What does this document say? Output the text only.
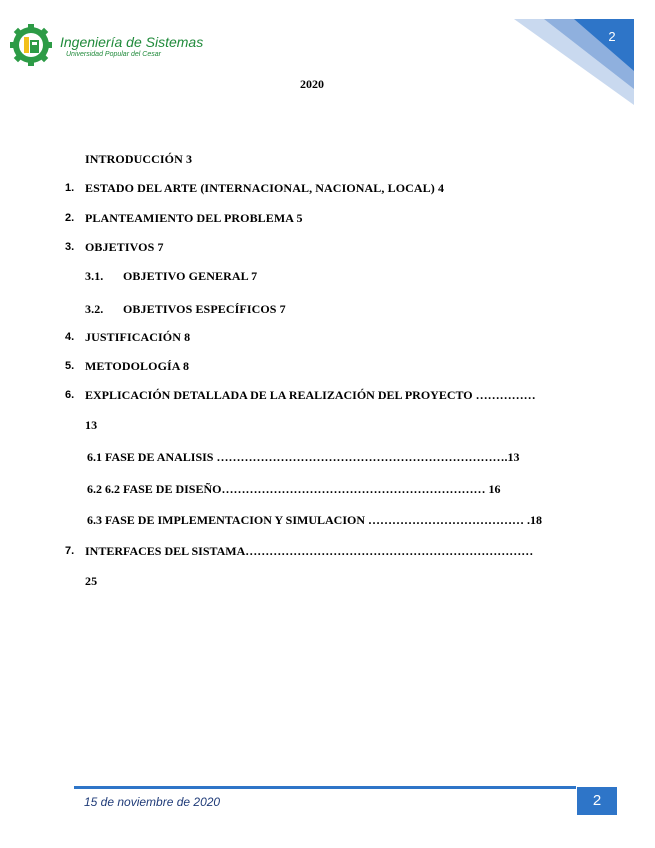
Ingeniería de Sistemas
Universidad Popular del Cesar
2
2020
INTRODUCCIÓN 3
1. ESTADO DEL ARTE (INTERNACIONAL, NACIONAL, LOCAL) 4
2. PLANTEAMIENTO DEL PROBLEMA 5
3. OBJETIVOS 7
3.1. OBJETIVO GENERAL 7
3.2. OBJETIVOS ESPECÍFICOS 7
4. JUSTIFICACIÓN 8
5. METODOLOGÍA 8
6. EXPLICACIÓN DETALLADA DE LA REALIZACIÓN DEL PROYECTO ……………
13
6.1 FASE DE ANALISIS ……………………………………………………………….13
6.2 6.2 FASE DE DISEÑO………………………………………………………… 16
6.3 FASE DE IMPLEMENTACION Y SIMULACION ………………………………… .18
7. INTERFACES DEL SISTAMA………………………………………………………………
25
15 de noviembre de 2020	2
